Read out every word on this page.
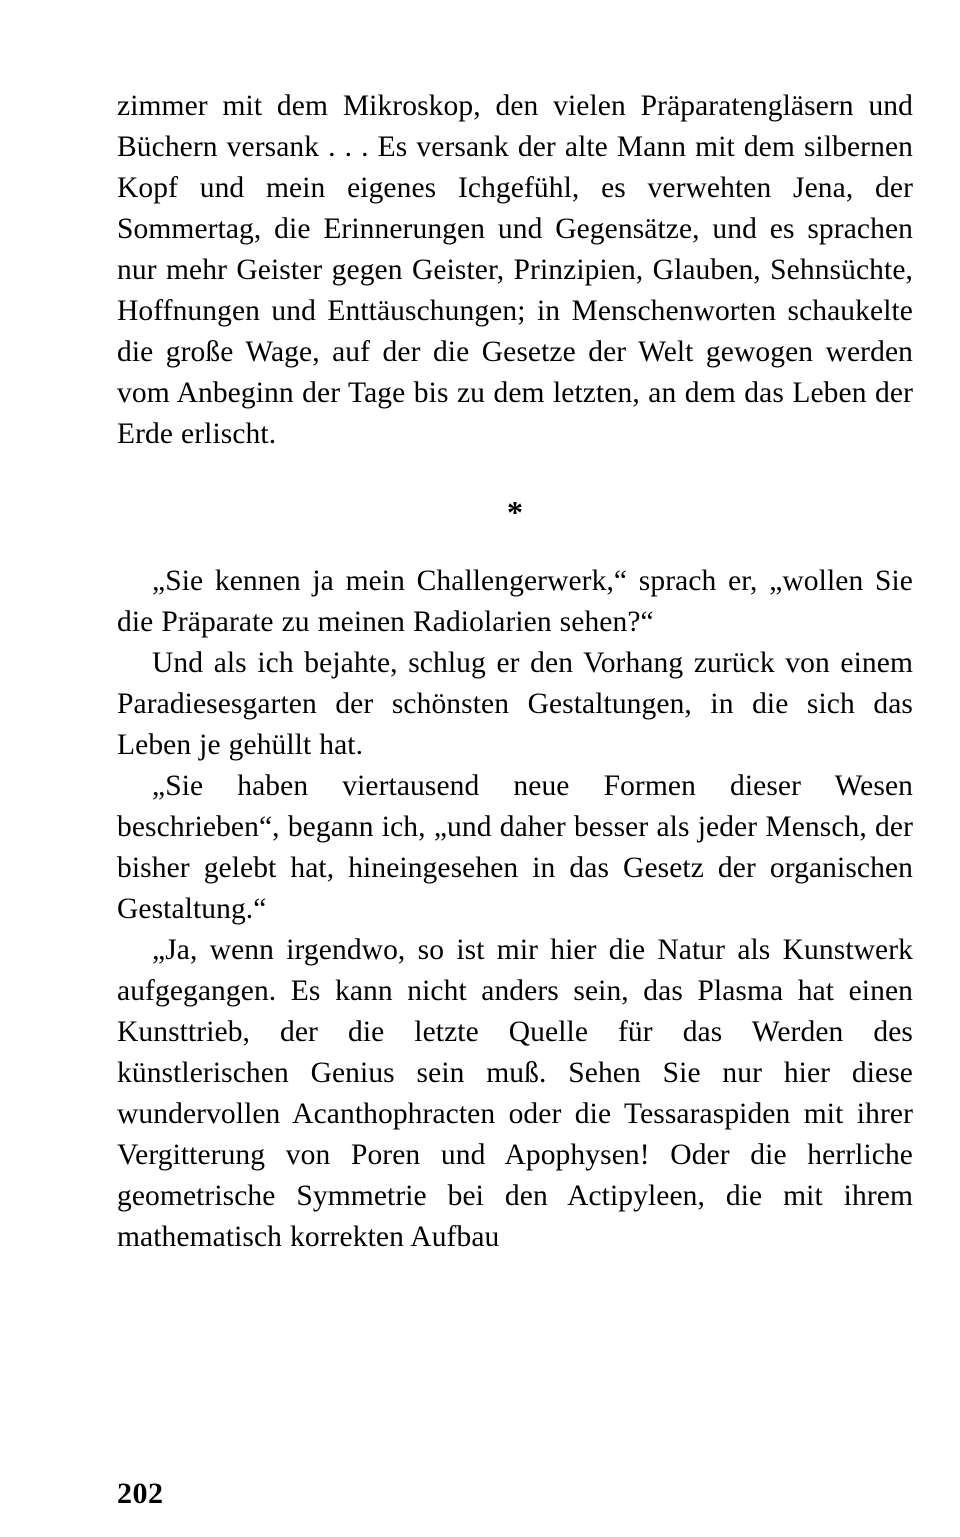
zimmer mit dem Mikroskop, den vielen Präparatengläsern und Büchern versank . . . Es versank der alte Mann mit dem silbernen Kopf und mein eigenes Ichgefühl, es verwehten Jena, der Sommertag, die Erinnerungen und Gegensätze, und es sprachen nur mehr Geister gegen Geister, Prinzipien, Glauben, Sehnsüchte, Hoffnungen und Enttäuschungen; in Menschenworten schaukelte die große Wage, auf der die Gesetze der Welt gewogen werden vom Anbeginn der Tage bis zu dem letzten, an dem das Leben der Erde erlischt.

*

„Sie kennen ja mein Challengerwerk,“ sprach er, „wollen Sie die Präparate zu meinen Radiolarien sehen?“

Und als ich bejahte, schlug er den Vorhang zurück von einem Paradiesesgarten der schönsten Gestaltungen, in die sich das Leben je gehüllt hat.

„Sie haben viertausend neue Formen dieser Wesen beschrieben“, begann ich, „und daher besser als jeder Mensch, der bisher gelebt hat, hineingesehen in das Gesetz der organischen Gestaltung.“

„Ja, wenn irgendwo, so ist mir hier die Natur als Kunstwerk aufgegangen. Es kann nicht anders sein, das Plasma hat einen Kunsttrieb, der die letzte Quelle für das Werden des künstlerischen Genius sein muß. Sehen Sie nur hier diese wundervollen Acanthophracten oder die Tessaraspiden mit ihrer Vergitterung von Poren und Apophysen! Oder die herrliche geometrische Symmetrie bei den Actipyleen, die mit ihrem mathematisch korrekten Aufbau

202
